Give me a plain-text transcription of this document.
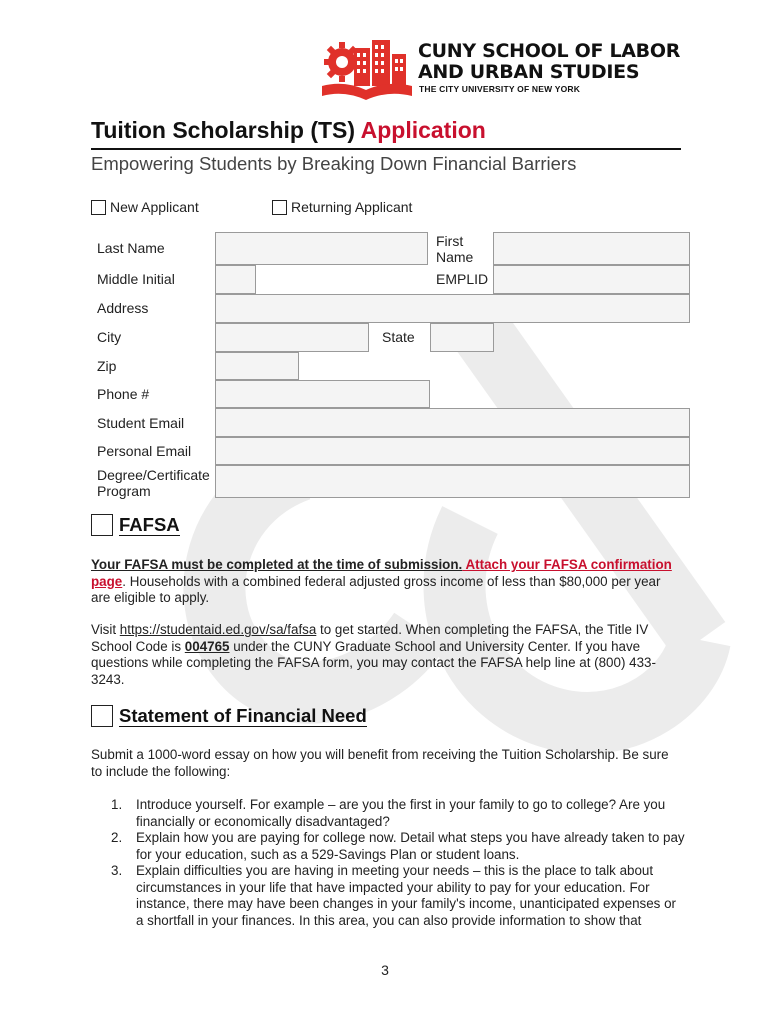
CUNY SCHOOL OF LABOR
AND URBAN STUDIES
THE CITY UNIVERSITY OF NEW YORK
Tuition Scholarship (TS) Application
Empowering Students by Breaking Down Financial Barriers
New Applicant	Returning Applicant
Last Name	First
Name
Middle Initial	EMPLID
Address
City	State
Zip
Phone #
Student Email
Personal Email
Degree/Certificate
Program
FAFSA
Your FAFSA must be completed at the time of submission. Attach your FAFSA confirmation page. Households with a combined federal adjusted gross income of less than $80,000 per year are eligible to apply.
Visit https://studentaid.ed.gov/sa/fafsa to get started. When completing the FAFSA, the Title IV School Code is 004765 under the CUNY Graduate School and University Center. If you have questions while completing the FAFSA form, you may contact the FAFSA help line at (800) 433-3243.
Statement of Financial Need
Submit a 1000-word essay on how you will benefit from receiving the Tuition Scholarship. Be sure to include the following:
1.	Introduce yourself. For example – are you the first in your family to go to college? Are you financially or economically disadvantaged?
2.	Explain how you are paying for college now. Detail what steps you have already taken to pay for your education, such as a 529-Savings Plan or student loans.
3.	Explain difficulties you are having in meeting your needs – this is the place to talk about circumstances in your life that have impacted your ability to pay for your education. For instance, there may have been changes in your family's income, unanticipated expenses or a shortfall in your finances. In this area, you can also provide information to show that
3
